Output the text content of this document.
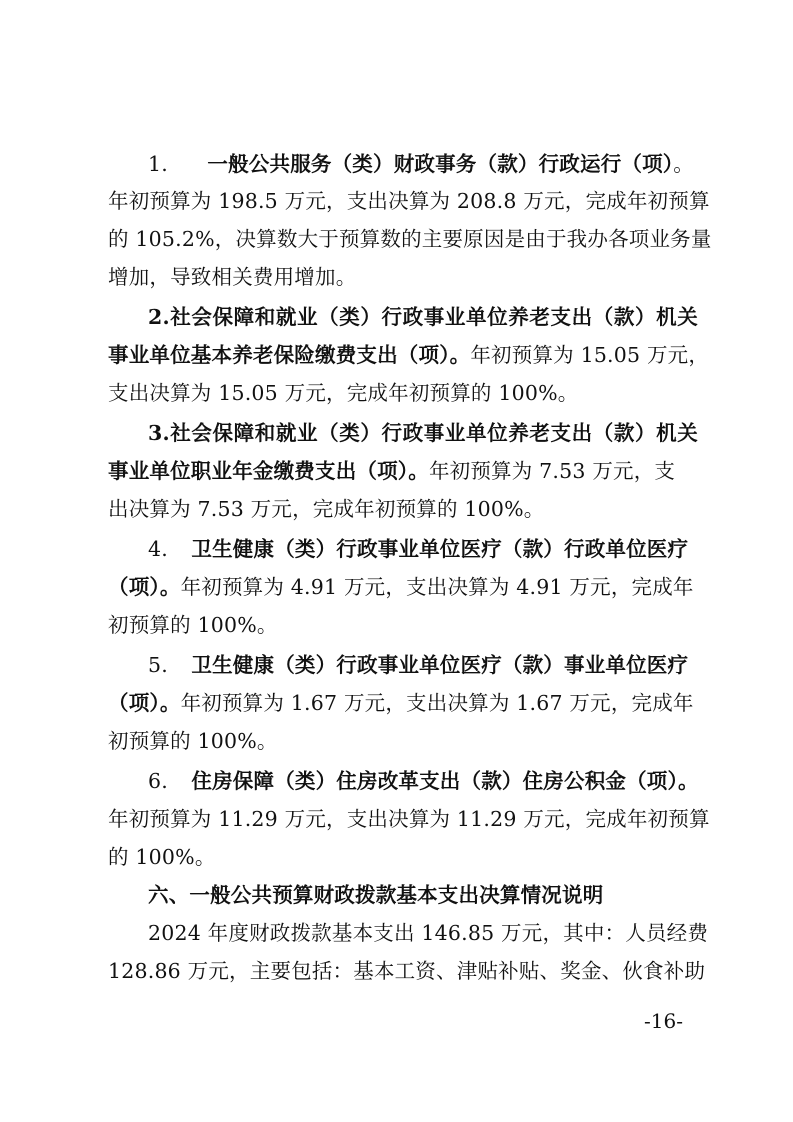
1. 一般公共服务（类）财政事务（款）行政运行（项）。
年初预算为 198.5 万元，支出决算为 208.8 万元，完成年初预算
的 105.2%，决算数大于预算数的主要原因是由于我办各项业务量
增加，导致相关费用增加。
2.社会保障和就业（类）行政事业单位养老支出（款）机关
事业单位基本养老保险缴费支出（项）。年初预算为 15.05 万元，
支出决算为 15.05 万元，完成年初预算的 100%。
3.社会保障和就业（类）行政事业单位养老支出（款）机关
事业单位职业年金缴费支出（项）。年初预算为 7.53 万元，支
出决算为 7.53 万元，完成年初预算的 100%。
4. 卫生健康（类）行政事业单位医疗（款）行政单位医疗
（项）。年初预算为 4.91 万元，支出决算为 4.91 万元，完成年
初预算的 100%。
5. 卫生健康（类）行政事业单位医疗（款）事业单位医疗
（项）。年初预算为 1.67 万元，支出决算为 1.67 万元，完成年
初预算的 100%。
6. 住房保障（类）住房改革支出（款）住房公积金（项）。
年初预算为 11.29 万元，支出决算为 11.29 万元，完成年初预算
的 100%。
六、一般公共预算财政拨款基本支出决算情况说明
2024 年度财政拨款基本支出 146.85 万元，其中：人员经费
128.86 万元，主要包括：基本工资、津贴补贴、奖金、伙食补助
-16-
